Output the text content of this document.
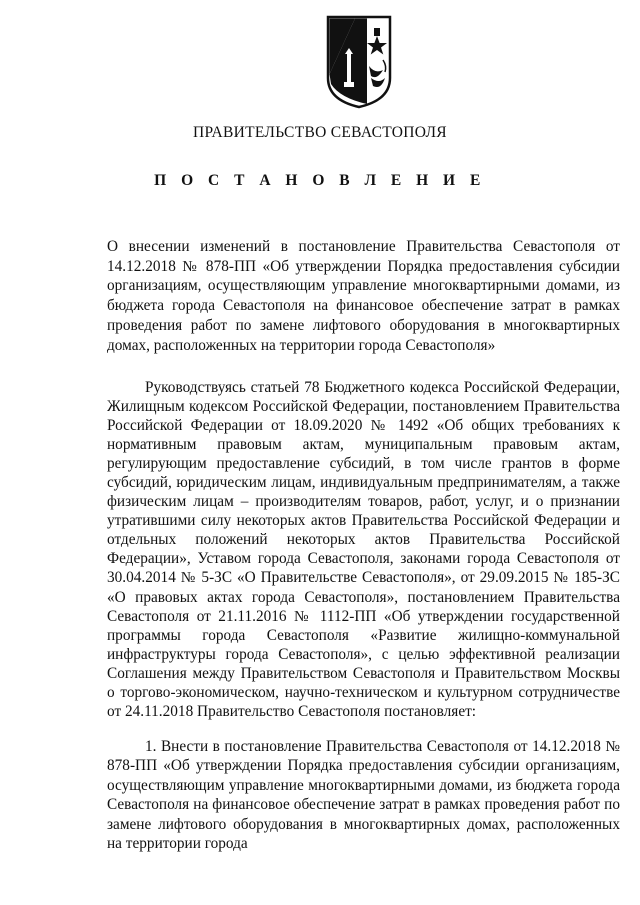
ПРАВИТЕЛЬСТВО СЕВАСТОПОЛЯ
П О С Т А Н О В Л Е Н И Е
О внесении изменений в постановление Правительства Севастополя от 14.12.2018 № 878-ПП «Об утверждении Порядка предоставления субсидии организациям, осуществляющим управление многоквартирными домами, из бюджета города Севастополя на финансовое обеспечение затрат в рамках проведения работ по замене лифтового оборудования в многоквартирных домах, расположенных на территории города Севастополя»
Руководствуясь статьей 78 Бюджетного кодекса Российской Федерации, Жилищным кодексом Российской Федерации, постановлением Правительства Российской Федерации от 18.09.2020 № 1492 «Об общих требованиях к нормативным правовым актам, муниципальным правовым актам, регулирующим предоставление субсидий, в том числе грантов в форме субсидий, юридическим лицам, индивидуальным предпринимателям, а также физическим лицам – производителям товаров, работ, услуг, и о признании утратившими силу некоторых актов Правительства Российской Федерации и отдельных положений некоторых актов Правительства Российской Федерации», Уставом города Севастополя, законами города Севастополя от 30.04.2014 № 5-ЗС «О Правительстве Севастополя», от 29.09.2015 № 185-ЗС «О правовых актах города Севастополя», постановлением Правительства Севастополя от 21.11.2016 № 1112-ПП «Об утверждении государственной программы города Севастополя «Развитие жилищно-коммунальной инфраструктуры города Севастополя», с целью эффективной реализации Соглашения между Правительством Севастополя и Правительством Москвы о торгово-экономическом, научно-техническом и культурном сотрудничестве от 24.11.2018 Правительство Севастополя постановляет:
1. Внести в постановление Правительства Севастополя от 14.12.2018 № 878-ПП «Об утверждении Порядка предоставления субсидии организациям, осуществляющим управление многоквартирными домами, из бюджета города Севастополя на финансовое обеспечение затрат в рамках проведения работ по замене лифтового оборудования в многоквартирных домах, расположенных на территории города
